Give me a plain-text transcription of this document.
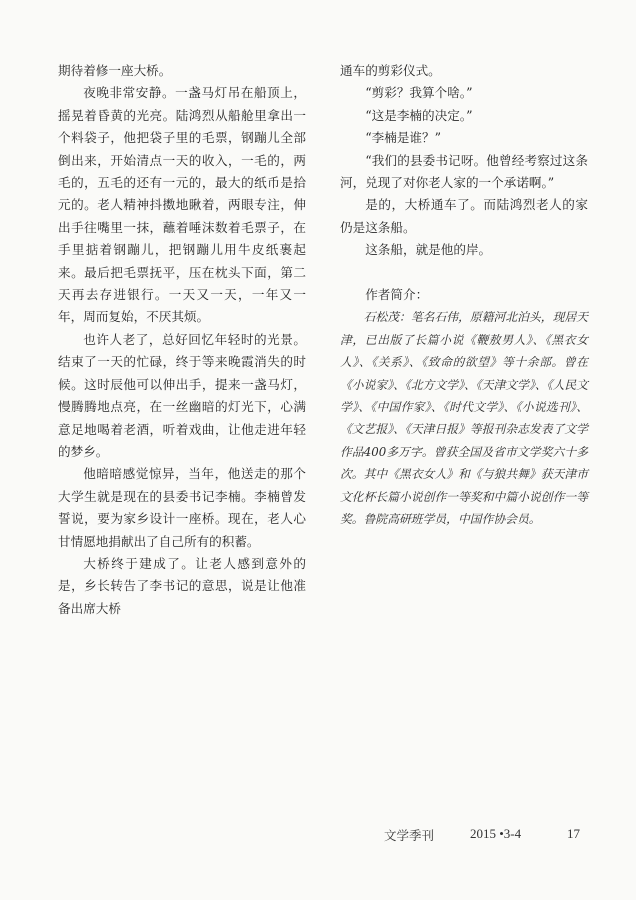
期待着修一座大桥。

夜晚非常安静。一盏马灯吊在船顶上，摇晃着昏黄的光亮。陆鸿烈从船舱里拿出一个料袋子，他把袋子里的毛票，钢蹦儿全部倒出来，开始清点一天的收入，一毛的，两毛的，五毛的还有一元的，最大的纸币是拾元的。老人精神抖擞地瞅着，两眼专注，伸出手往嘴里一抹，蘸着唾沫数着毛票子，在手里掂着钢蹦儿，把钢蹦儿用牛皮纸裹起来。最后把毛票抚平，压在枕头下面，第二天再去存进银行。一天又一天，一年又一年，周而复始，不厌其烦。

也许人老了，总好回忆年轻时的光景。结束了一天的忙碌，终于等来晚霞消失的时候。这时辰他可以伸出手，提来一盏马灯，慢腾腾地点亮，在一丝幽暗的灯光下，心满意足地喝着老酒，听着戏曲，让他走进年轻的梦乡。

他暗暗感觉惊异，当年，他送走的那个大学生就是现在的县委书记李楠。李楠曾发誓说，要为家乡设计一座桥。现在，老人心甘情愿地捐献出了自己所有的积蓄。

大桥终于建成了。让老人感到意外的是，乡长转告了李书记的意思，说是让他准备出席大桥

通车的剪彩仪式。

“剪彩？我算个啥。”

“这是李楠的决定。”

“李楠是谁？”

“我们的县委书记呀。他曾经考察过这条河，兑现了对你老人家的一个承诺啊。”

是的，大桥通车了。而陆鸿烈老人的家仍是这条船。

这条船，就是他的岸。

作者简介：

石松茂：笔名石伟，原籍河北泊头，现居天津，已出版了长篇小说《鞭敖男人》、《黑衣女人》、《关系》、《致命的欲望》等十余部。曾在《小说家》、《北方文学》、《天津文学》、《人民文学》、《中国作家》、《时代文学》、《小说选刊》、《文艺报》、《天津日报》等报刊杂志发表了文学作品400多万字。曾获全国及省市文学奖六十多次。其中《黑衣女人》和《与狼共舞》获天津市文化杯长篇小说创作一等奖和中篇小说创作一等奖。鲁院高研班学员，中国作协会员。

文学季刊	2015 •3-4	17
